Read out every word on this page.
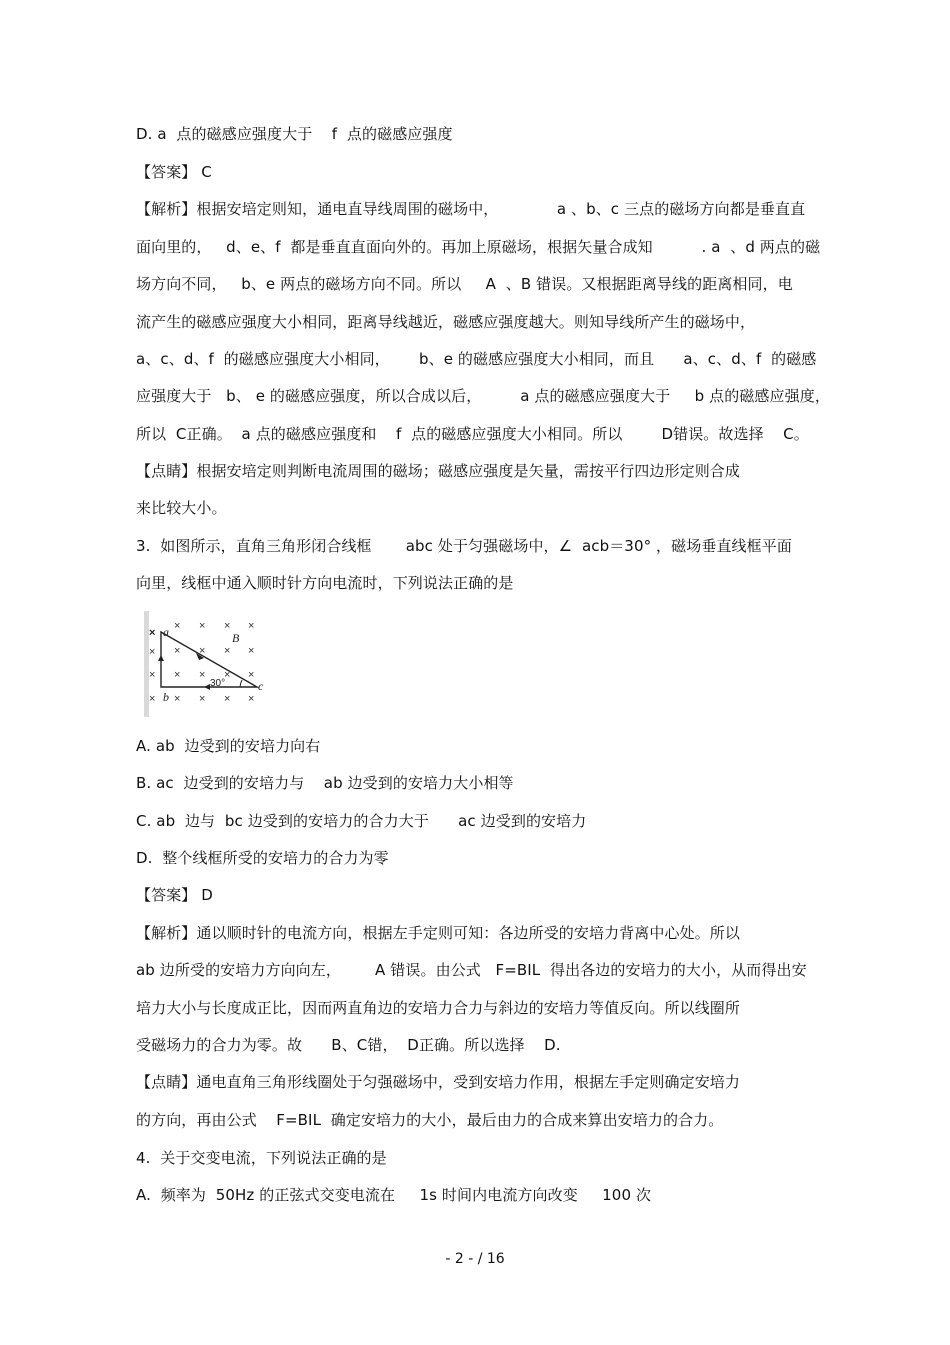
D. a  点的磁感应强度大于    f  点的磁感应强度
【答案】 C
【解析】根据安培定则知，通电直导线周围的磁场中，            a 、b、c 三点的磁场方向都是垂直直
面向里的，   d、e、f  都是垂直直面向外的。再加上原磁场，根据矢量合成知          . a  、d 两点的磁
场方向不同，   b、e 两点的磁场方向不同。所以     A  、B 错误。又根据距离导线的距离相同，电
流产生的磁感应强度大小相同，距离导线越近，磁感应强度越大。则知导线所产生的磁场中，
a、c、d、f  的磁感应强度大小相同，      b、e 的磁感应强度大小相同，而且      a、c、d、f  的磁感
应强度大于   b、 e 的磁感应强度，所以合成以后，        a 点的磁感应强度大于     b 点的磁感应强度，
所以  C正确。  a 点的磁感应强度和    f  点的磁感应强度大小相同。所以        D错误。故选择    C。
【点睛】根据安培定则判断电流周围的磁场；磁感应强度是矢量，需按平行四边形定则合成
来比较大小。
3.  如图所示，直角三角形闭合线框       abc 处于匀强磁场中，∠  acb＝30° ，磁场垂直线框平面
向里，线框中通入顺时针方向电流时，下列说法正确的是
× × × ×
× × × × ×
× × × × ×
× × × × ×
× a
b
c
B
30°
A. ab  边受到的安培力向右
B. ac  边受到的安培力与    ab 边受到的安培力大小相等
C. ab  边与  bc 边受到的安培力的合力大于      ac 边受到的安培力
D.  整个线框所受的安培力的合力为零
【答案】 D
【解析】通以顺时针的电流方向，根据左手定则可知：各边所受的安培力背离中心处。所以
ab 边所受的安培力方向向左，       A 错误。由公式   F=BIL  得出各边的安培力的大小，从而得出安
培力大小与长度成正比，因而两直角边的安培力合力与斜边的安培力等值反向。所以线圈所
受磁场力的合力为零。故      B、C错，  D正确。所以选择    D.
【点睛】通电直角三角形线圈处于匀强磁场中，受到安培力作用，根据左手定则确定安培力
的方向，再由公式    F=BIL  确定安培力的大小，最后由力的合成来算出安培力的合力。
4.  关于交变电流，下列说法正确的是
A.  频率为  50Hz 的正弦式交变电流在     1s 时间内电流方向改变     100 次
- 2 - / 16
